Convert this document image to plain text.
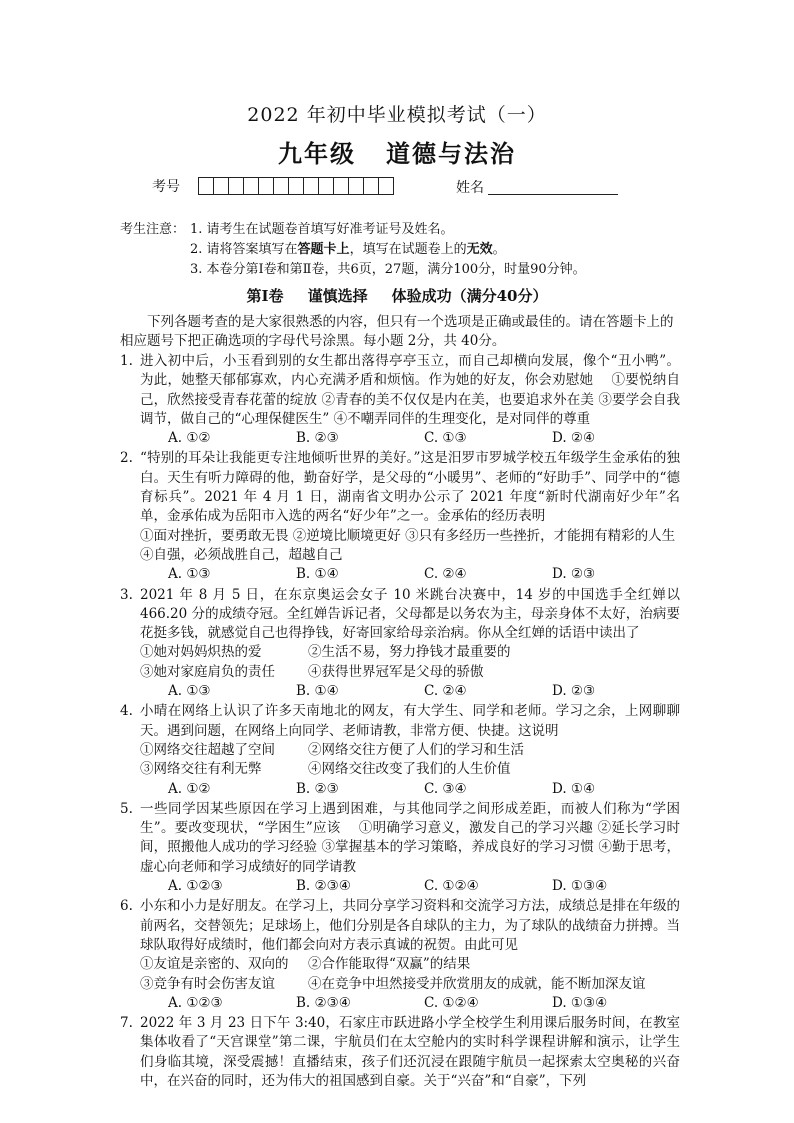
2022 年初中毕业模拟考试（一）
九年级 道德与法治
考号	姓名
考生注意： 1. 请考生在试题卷首填写好准考证号及姓名。
2. 请将答案填写在答题卡上，填写在试题卷上的无效。
3. 本卷分第Ⅰ卷和第Ⅱ卷，共6页，27题，满分100分，时量90分钟。
第Ⅰ卷 谨慎选择 体验成功（满分40分）
下列各题考查的是大家很熟悉的内容，但只有一个选项是正确或最佳的。请在答题卡上的相应题号下把正确选项的字母代号涂黑。每小题 2分，共 40分。
1. 进入初中后，小玉看到别的女生都出落得亭亭玉立，而自己却横向发展，像个“丑小鸭”。为此，她整天郁郁寡欢，内心充满矛盾和烦恼。作为她的好友，你会劝慰她　 ①要悦纳自己，欣然接受青春花蕾的绽放 ②青春的美不仅仅是内在美，也要追求外在美 ③要学会自我调节，做自己的“心理保健医生” ④不嘲弄同伴的生理变化，是对同伴的尊重
A. ①②	B. ②③	C. ①③	D. ②④
2. “特别的耳朵让我能更专注地倾听世界的美好。”这是汨罗市罗城学校五年级学生金承佑的独白。天生有听力障碍的他，勤奋好学，是父母的“小暖男”、老师的“好助手”、同学中的“德育标兵”。2021 年 4 月 1 日，湖南省文明办公示了 2021 年度“新时代湖南好少年”名单，金承佑成为岳阳市入选的两名“好少年”之一。金承佑的经历表明
①面对挫折，要勇敢无畏 ②逆境比顺境更好 ③只有多经历一些挫折，才能拥有精彩的人生
④自强，必须战胜自己，超越自己
A. ①③	B. ①④	C. ②④	D. ②③
3. 2021 年 8 月 5 日，在东京奥运会女子 10 米跳台决赛中，14 岁的中国选手全红婵以 466.20 分的成绩夺冠。全红婵告诉记者，父母都是以务农为主，母亲身体不太好，治病要花挺多钱，就感觉自己也得挣钱，好寄回家给母亲治病。你从全红婵的话语中读出了
①她对妈妈炽热的爱	②生活不易，努力挣钱才最重要的
③她对家庭肩负的责任	④获得世界冠军是父母的骄傲
A. ①③	B. ①④	C. ②④	D. ②③
4. 小晴在网络上认识了许多天南地北的网友，有大学生、同学和老师。学习之余，上网聊聊天。遇到问题，在网络上向同学、老师请教，非常方便、快捷。这说明
①网络交往超越了空间	②网络交往方便了人们的学习和生活
③网络交往有利无弊	④网络交往改变了我们的人生价值
A. ①②	B. ②③	C. ③④	D. ①④
5. 一些同学因某些原因在学习上遇到困难，与其他同学之间形成差距，而被人们称为“学困生”。要改变现状，“学困生”应该　 ①明确学习意义，激发自己的学习兴趣 ②延长学习时间，照搬他人成功的学习经验 ③掌握基本的学习策略，养成良好的学习习惯 ④勤于思考，虚心向老师和学习成绩好的同学请教
A. ①②③	B. ②③④	C. ①②④	D. ①③④
6. 小东和小力是好朋友。在学习上，共同分享学习资料和交流学习方法，成绩总是排在年级的前两名，交替领先；足球场上，他们分别是各自球队的主力，为了球队的战绩奋力拼搏。当球队取得好成绩时，他们都会向对方表示真诚的祝贺。由此可见
①友谊是亲密的、双向的	②合作能取得“双赢”的结果
③竞争有时会伤害友谊	④在竞争中坦然接受并欣赏朋友的成就，能不断加深友谊
A. ①②③	B. ②③④	C. ①②④	D. ①③④
7. 2022 年 3 月 23 日下午 3:40，石家庄市跃进路小学全校学生利用课后服务时间，在教室集体收看了“天宫课堂”第二课，宇航员们在太空舱内的实时科学课程讲解和演示，让学生们身临其境，深受震撼！直播结束，孩子们还沉浸在跟随宇航员一起探索太空奥秘的兴奋中，在兴奋的同时，还为伟大的祖国感到自豪。关于“兴奋”和“自豪”，下列
